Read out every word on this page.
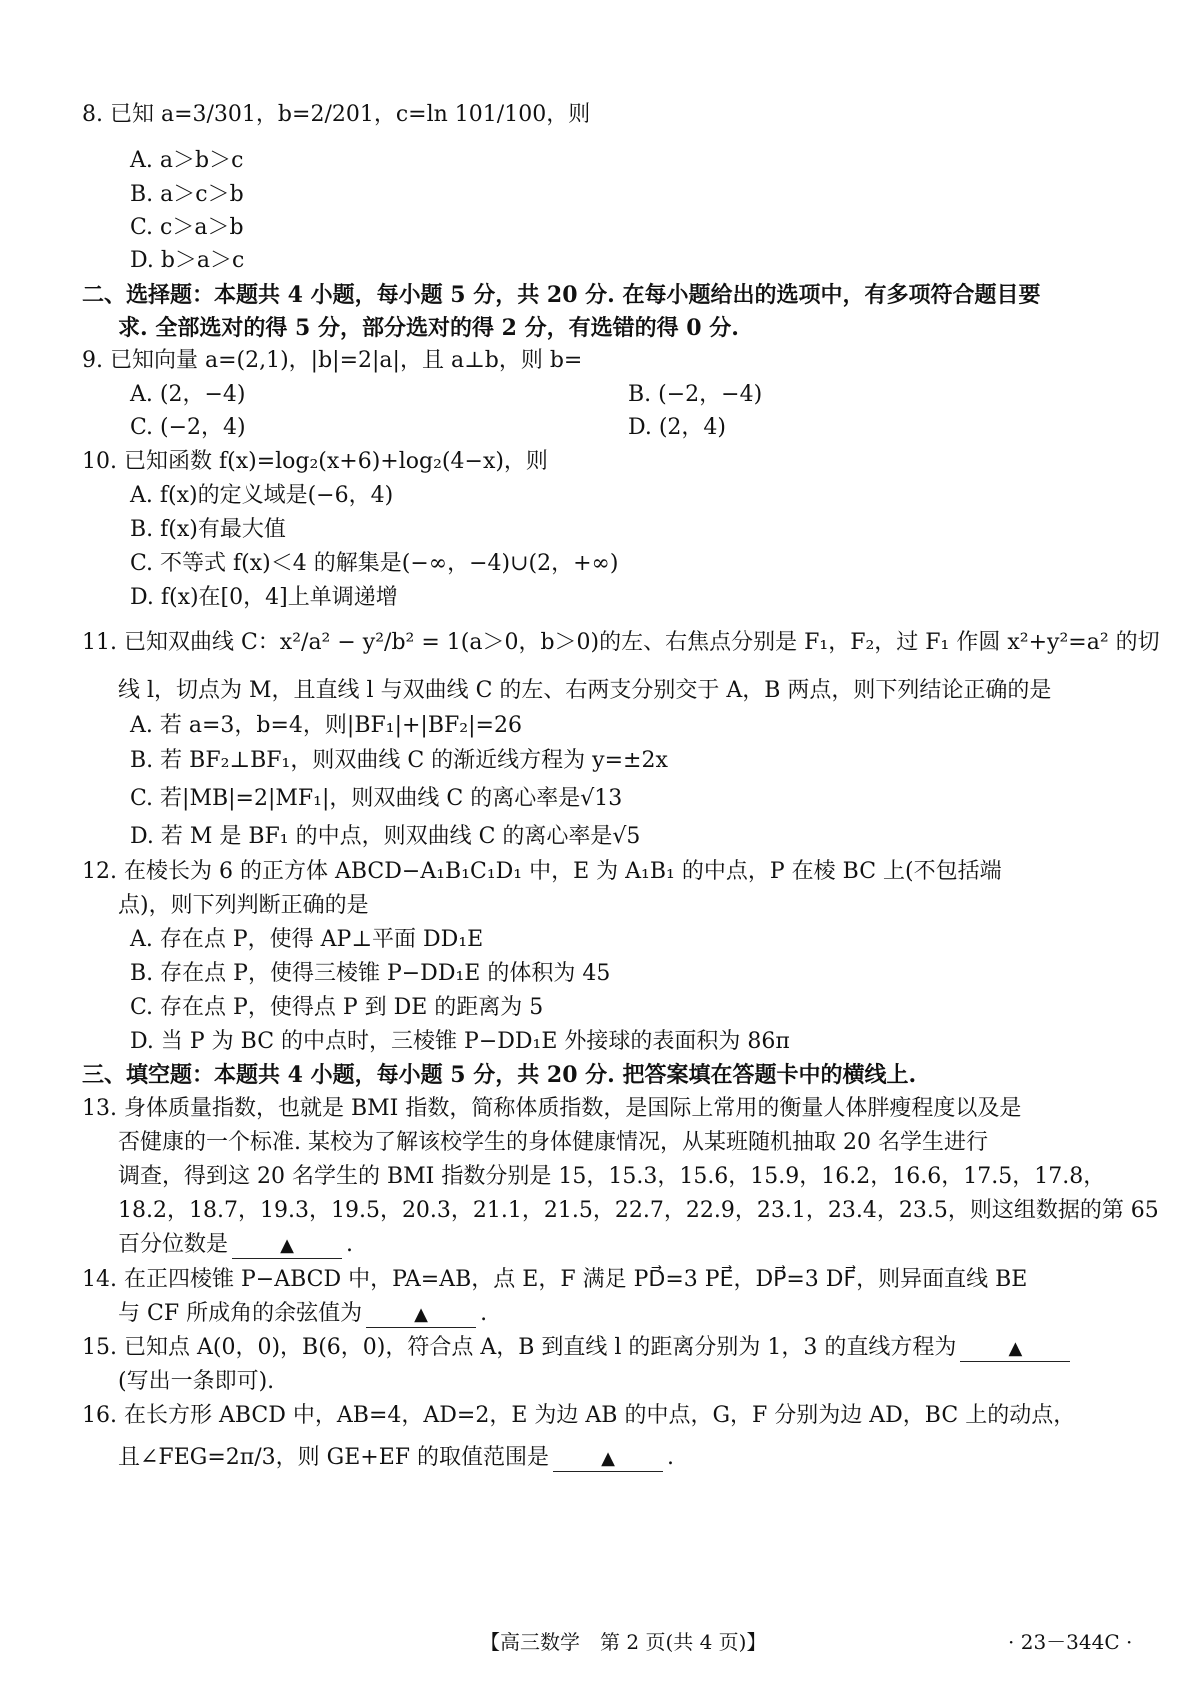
8. 已知 a=3/301，b=2/201，c=ln 101/100，则
A. a＞b＞c
B. a＞c＞b
C. c＞a＞b
D. b＞a＞c
二、选择题：本题共 4 小题，每小题 5 分，共 20 分. 在每小题给出的选项中，有多项符合题目要
求. 全部选对的得 5 分，部分选对的得 2 分，有选错的得 0 分.
9. 已知向量 a=(2,1)，|b|=2|a|，且 a⊥b，则 b=
A. (2，−4)	B. (−2，−4)
C. (−2，4)	D. (2，4)
10. 已知函数 f(x)=log₂(x+6)+log₂(4−x)，则
A. f(x)的定义域是(−6，4)
B. f(x)有最大值
C. 不等式 f(x)＜4 的解集是(−∞，−4)∪(2，+∞)
D. f(x)在[0，4]上单调递增
11. 已知双曲线 C：x²/a² − y²/b² = 1(a＞0，b＞0)的左、右焦点分别是 F₁，F₂，过 F₁ 作圆 x²+y²=a² 的切
线 l，切点为 M，且直线 l 与双曲线 C 的左、右两支分别交于 A，B 两点，则下列结论正确的是
A. 若 a=3，b=4，则|BF₁|+|BF₂|=26
B. 若 BF₂⊥BF₁，则双曲线 C 的渐近线方程为 y=±2x
C. 若|MB|=2|MF₁|，则双曲线 C 的离心率是√13
D. 若 M 是 BF₁ 的中点，则双曲线 C 的离心率是√5
12. 在棱长为 6 的正方体 ABCD−A₁B₁C₁D₁ 中，E 为 A₁B₁ 的中点，P 在棱 BC 上(不包括端
点)，则下列判断正确的是
A. 存在点 P，使得 AP⊥平面 DD₁E
B. 存在点 P，使得三棱锥 P−DD₁E 的体积为 45
C. 存在点 P，使得点 P 到 DE 的距离为 5
D. 当 P 为 BC 的中点时，三棱锥 P−DD₁E 外接球的表面积为 86π
三、填空题：本题共 4 小题，每小题 5 分，共 20 分. 把答案填在答题卡中的横线上.
13. 身体质量指数，也就是 BMI 指数，简称体质指数，是国际上常用的衡量人体胖瘦程度以及是
否健康的一个标准. 某校为了解该校学生的身体健康情况，从某班随机抽取 20 名学生进行
调查，得到这 20 名学生的 BMI 指数分别是 15，15.3，15.6，15.9，16.2，16.6，17.5，17.8，
18.2，18.7，19.3，19.5，20.3，21.1，21.5，22.7，22.9，23.1，23.4，23.5，则这组数据的第 65
百分位数是	▲ .
14. 在正四棱锥 P−ABCD 中，PA=AB，点 E，F 满足 PD⃗=3 PE⃗，DP⃗=3 DF⃗，则异面直线 BE
与 CF 所成角的余弦值为	▲ .
15. 已知点 A(0，0)，B(6，0)，符合点 A，B 到直线 l 的距离分别为 1，3 的直线方程为	▲
(写出一条即可).
16. 在长方形 ABCD 中，AB=4，AD=2，E 为边 AB 的中点，G，F 分别为边 AD，BC 上的动点，
且∠FEG=2π/3，则 GE+EF 的取值范围是	▲ .
【高三数学　第 2 页(共 4 页)】	· 23－344C ·
